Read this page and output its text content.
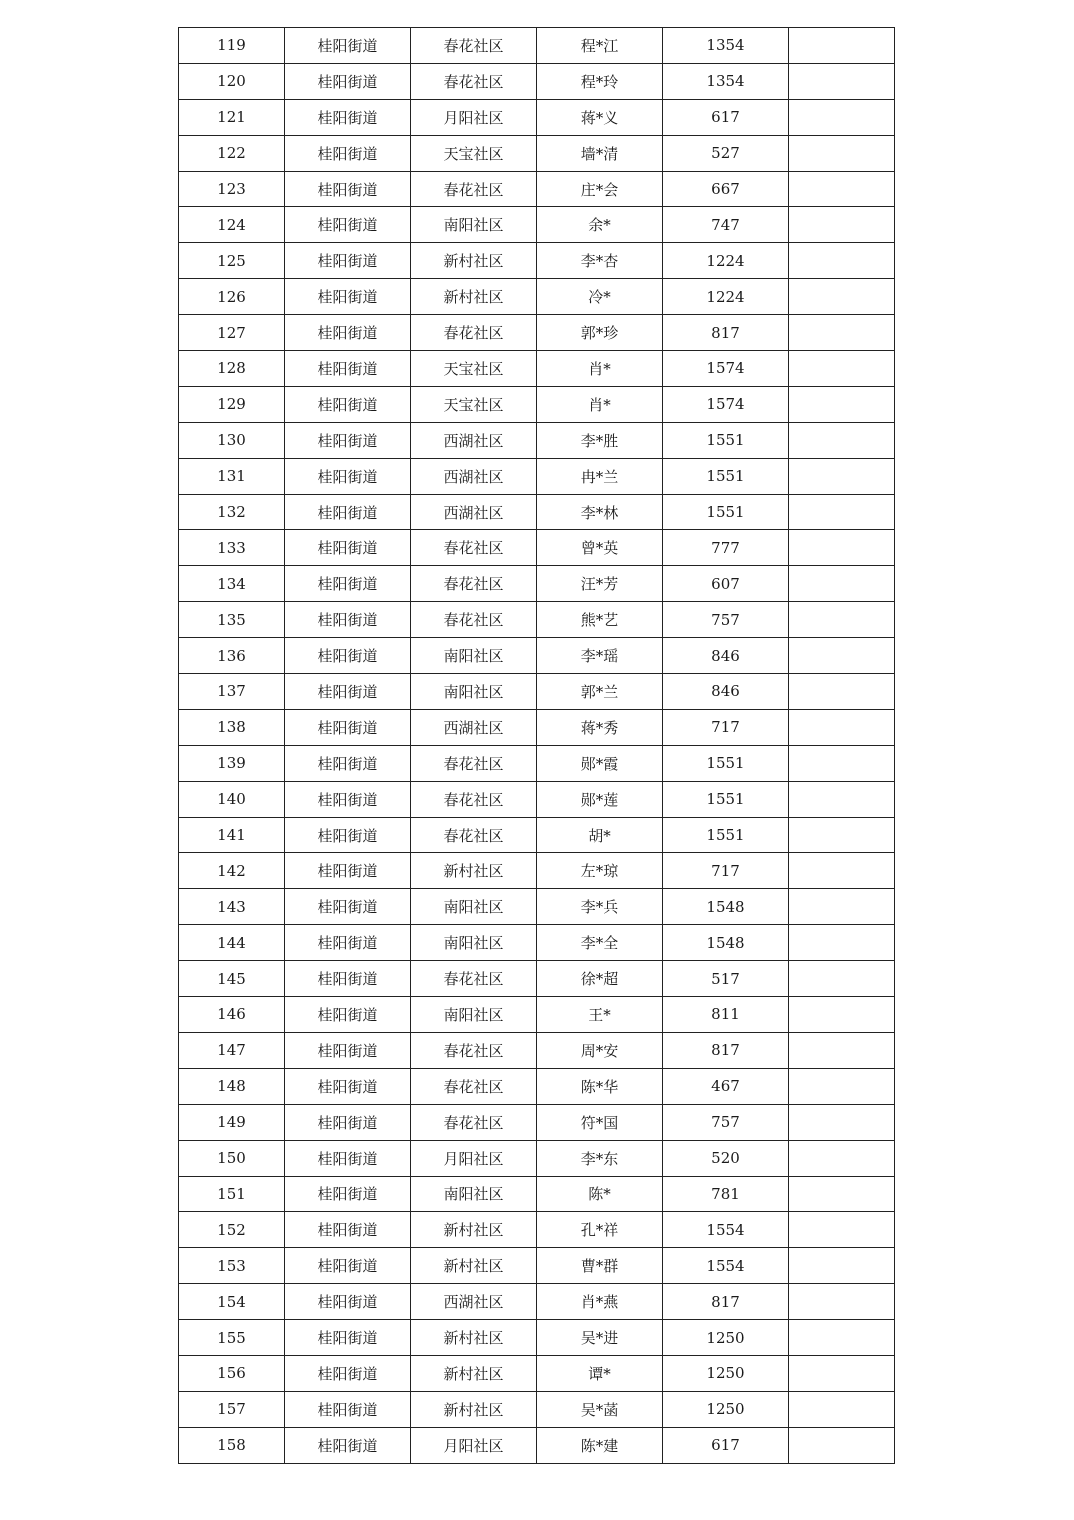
119	桂阳街道	春花社区	程*江	1354	
120	桂阳街道	春花社区	程*玲	1354	
121	桂阳街道	月阳社区	蒋*义	617	
122	桂阳街道	天宝社区	墙*清	527	
123	桂阳街道	春花社区	庄*会	667	
124	桂阳街道	南阳社区	余*	747	
125	桂阳街道	新村社区	李*杏	1224	
126	桂阳街道	新村社区	冷*	1224	
127	桂阳街道	春花社区	郭*珍	817	
128	桂阳街道	天宝社区	肖*	1574	
129	桂阳街道	天宝社区	肖*	1574	
130	桂阳街道	西湖社区	李*胜	1551	
131	桂阳街道	西湖社区	冉*兰	1551	
132	桂阳街道	西湖社区	李*林	1551	
133	桂阳街道	春花社区	曾*英	777	
134	桂阳街道	春花社区	汪*芳	607	
135	桂阳街道	春花社区	熊*艺	757	
136	桂阳街道	南阳社区	李*瑶	846	
137	桂阳街道	南阳社区	郭*兰	846	
138	桂阳街道	西湖社区	蒋*秀	717	
139	桂阳街道	春花社区	郧*霞	1551	
140	桂阳街道	春花社区	郧*莲	1551	
141	桂阳街道	春花社区	胡*	1551	
142	桂阳街道	新村社区	左*琼	717	
143	桂阳街道	南阳社区	李*兵	1548	
144	桂阳街道	南阳社区	李*全	1548	
145	桂阳街道	春花社区	徐*超	517	
146	桂阳街道	南阳社区	王*	811	
147	桂阳街道	春花社区	周*安	817	
148	桂阳街道	春花社区	陈*华	467	
149	桂阳街道	春花社区	符*国	757	
150	桂阳街道	月阳社区	李*东	520	
151	桂阳街道	南阳社区	陈*	781	
152	桂阳街道	新村社区	孔*祥	1554	
153	桂阳街道	新村社区	曹*群	1554	
154	桂阳街道	西湖社区	肖*燕	817	
155	桂阳街道	新村社区	吴*进	1250	
156	桂阳街道	新村社区	谭*	1250	
157	桂阳街道	新村社区	吴*菡	1250	
158	桂阳街道	月阳社区	陈*建	617	
